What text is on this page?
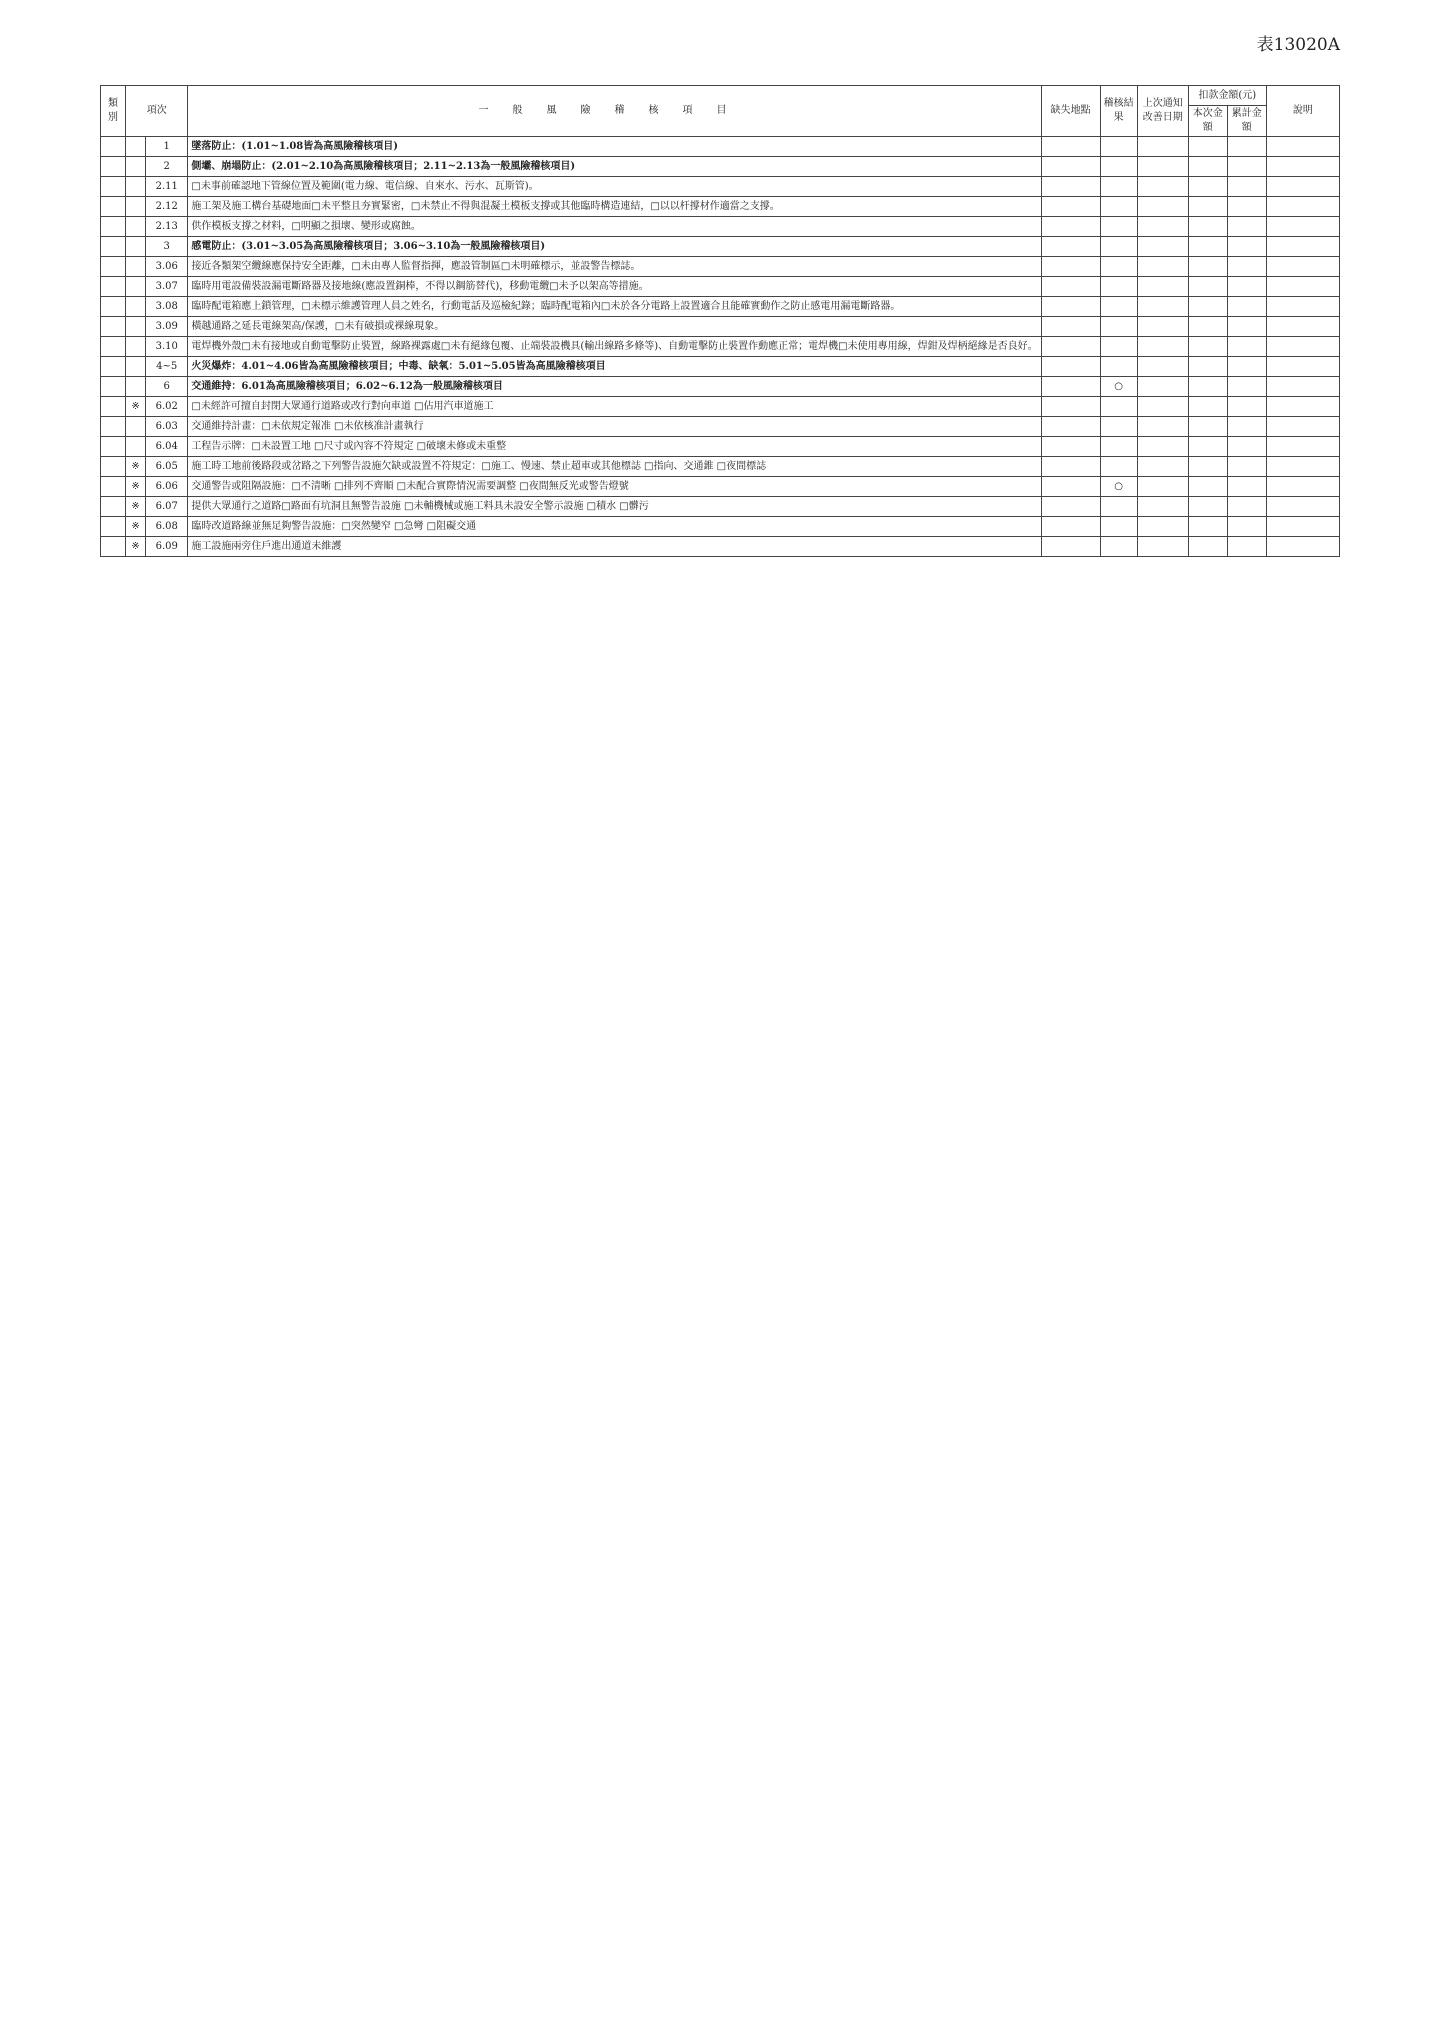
表13020A
類別	項次		一般風險稽核項目	缺失地點	稽核結果	上次通知改善日期	扣款金額(元)		說明
							本次金額	累計金額	
		1	墜落防止：(1.01~1.08皆為高風險稽核項目)						
		2	側壩、崩塌防止：(2.01~2.10為高風險稽核項目；2.11~2.13為一般風險稽核項目)						
		2.11	□未事前確認地下管線位置及範圍(電力線、電信線、自來水、污水、瓦斯管)。						
		2.12	施工架及施工構台基礎地面□未平整且夯實緊密，□未禁止不得與混凝土模板支撐或其他臨時構造連結，□以以杆撐材作適當之支撐。						
		2.13	供作模板支撐之材料，□明顯之損壞、變形或腐蝕。						
		3	感電防止：(3.01~3.05為高風險稽核項目；3.06~3.10為一般風險稽核項目)						
		3.06	接近各類架空纜線應保持安全距離，□未由專人監督指揮，應設管制區□未明確標示，並設警告標誌。						
		3.07	臨時用電設備裝設漏電斷路器及接地線(應設置銅棒，不得以鋼筋替代)，移動電纜□未予以架高等措施。						
		3.08	臨時配電箱應上鎖管理，□未標示維護管理人員之姓名，行動電話及巡檢紀錄；臨時配電箱內□未於各分電路上設置適合且能確實動作之防止感電用漏電斷路器。						
		3.09	橫越通路之延長電線架高/保護，□未有破損或裸線現象。						
		3.10	電焊機外殼□未有接地或自動電擊防止裝置，線路裸露處□未有絕緣包覆、止端裝設機具(輸出線路多條等)、自動電擊防止裝置作動應正常；電焊機□未使用專用線，焊鉗及焊柄絕緣是否良好。						
		4~5	火災爆炸：4.01~4.06皆為高風險稽核項目；中毒、缺氧：5.01~5.05皆為高風險稽核項目						
		6	交通維持：6.01為高風險稽核項目；6.02~6.12為一般風險稽核項目		○				
	※	6.02	□未經許可擅自封閉大眾通行道路或改行對向車道 □佔用汽車道施工						
		6.03	交通維持計畫：□未依規定報准 □未依核准計畫執行						
		6.04	工程告示牌：□未設置工地 □尺寸或內容不符規定 □破壞未修或未重整						
	※	6.05	施工時工地前後路段或岔路之下列警告設施欠缺或設置不符規定：□施工、慢速、禁止超車或其他標誌 □指向、交通錐 □夜間標誌						
	※	6.06	交通警告或阻隔設施：□不清晰 □排列不齊順 □未配合實際情況需要調整 □夜間無反光或警告燈號		○				
	※	6.07	提供大眾通行之道路□路面有坑洞且無警告設施 □未輔機械或施工料具未設安全警示設施 □積水 □髒污						
	※	6.08	臨時改道路線並無足夠警告設施：□突然變窄 □急彎 □阻礙交通						
	※	6.09	施工設施兩旁住戶進出通道未維護						
